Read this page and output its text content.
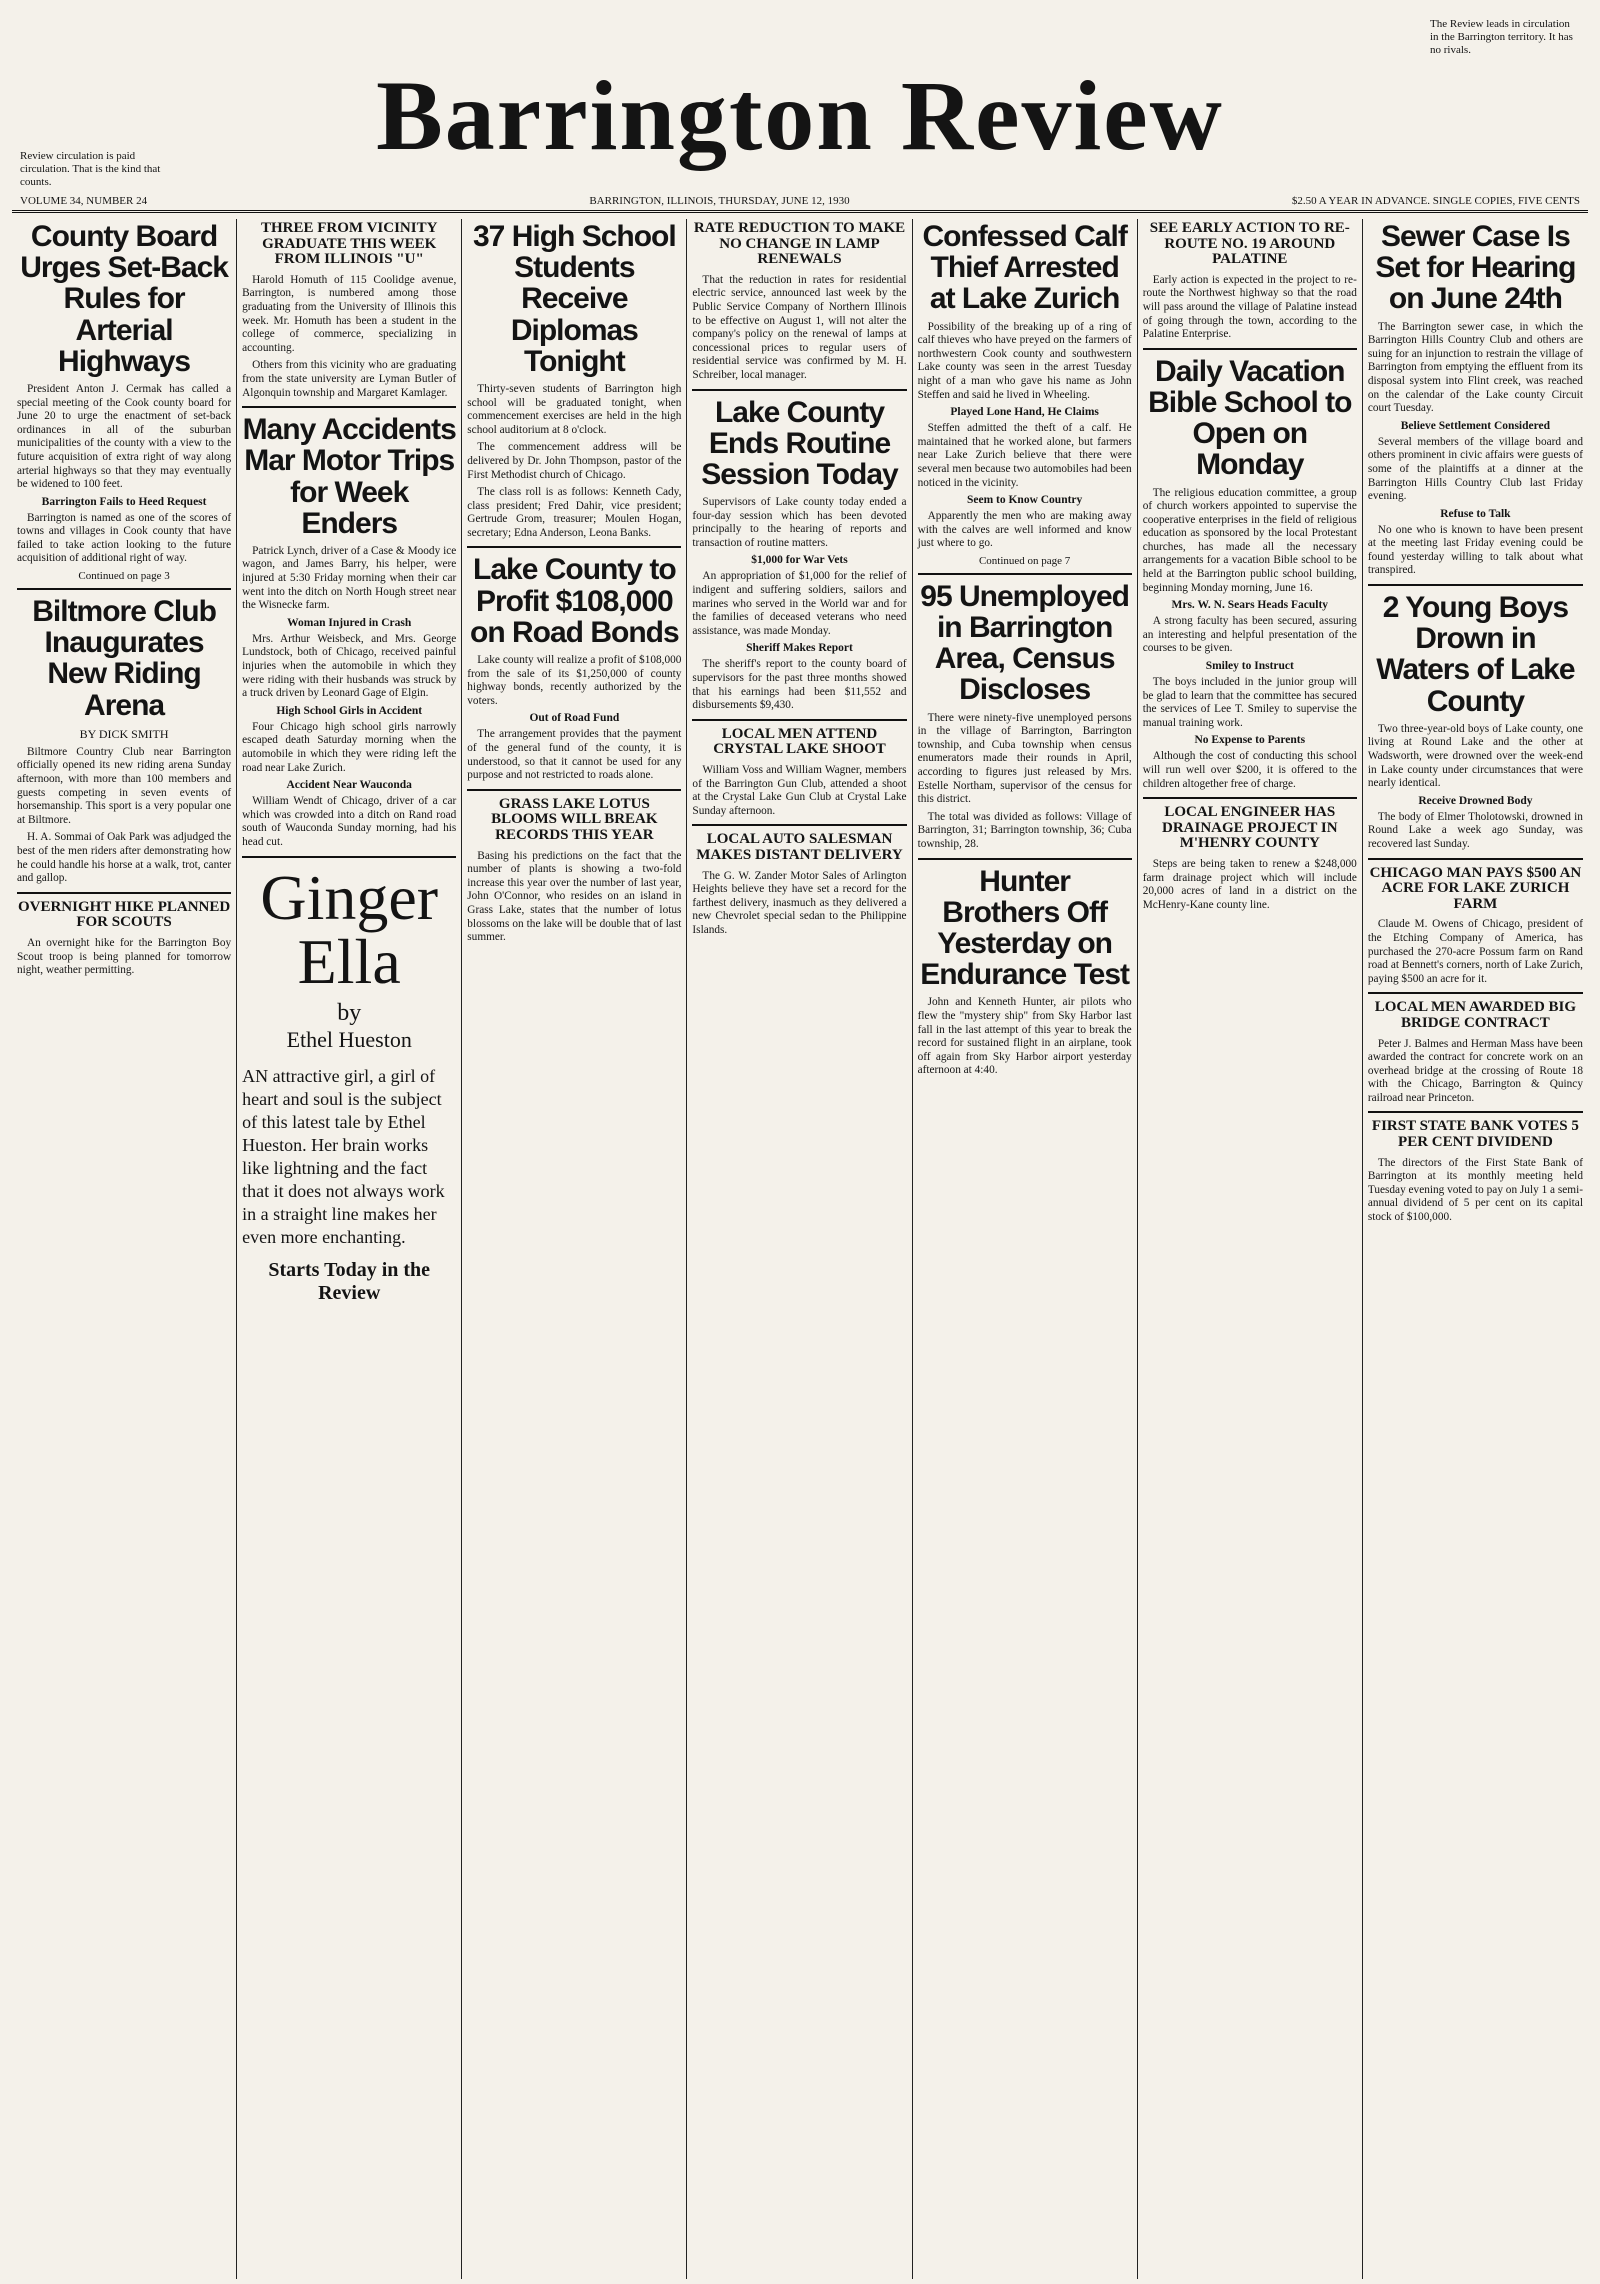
Review circulation is paid circulation. That is the kind that counts.
Barrington Review
The Review leads in circulation in the Barrington territory. It has no rivals.
VOLUME 34, NUMBER 24	BARRINGTON, ILLINOIS, THURSDAY, JUNE 12, 1930	$2.50 A YEAR IN ADVANCE. SINGLE COPIES, FIVE CENTS
County Board Urges Set-Back Rules for Arterial Highways

President Anton J. Cermak has called a special meeting of the Cook county board for June 20 to urge the enactment of set-back ordinances in all of the suburban municipalities of the county with a view to the future acquisition of extra right of way along arterial highways so that they may eventually be widened to 100 feet.

Barrington Fails to Heed Request

Barrington is named as one of the scores of towns and villages in Cook county that have failed to take action looking to the future acquisition of additional right of way.

Continued on page 3
Biltmore Club Inaugurates New Riding Arena
BY DICK SMITH

Biltmore Country Club near Barrington officially opened its new riding arena Sunday afternoon, with more than 100 members and guests competing in seven events of horsemanship. This sport is a very popular one at Biltmore.

H. A. Sommai of Oak Park was adjudged the best of the men riders after demonstrating how he could handle his horse at a walk, trot, canter and gallop.

OVERNIGHT HIKE PLANNED FOR SCOUTS

An overnight hike for the Barrington Boy Scout troop is being planned for tomorrow night, weather permitting.

THREE FROM VICINITY GRADUATE THIS WEEK FROM ILLINOIS "U"

Harold Homuth of 115 Coolidge avenue, Barrington, is numbered among those graduating from the University of Illinois this week. Mr. Homuth has been a student in the college of commerce, specializing in accounting.

Others from this vicinity who are graduating from the state university are Lyman Butler of Algonquin township and Margaret Kamlager.

Many Accidents Mar Motor Trips for Week Enders

Patrick Lynch, driver of a Case & Moody ice wagon, and James Barry, his helper, were injured at 5:30 Friday morning when their car went into the ditch on North Hough street near the Wisnecke farm.

Woman Injured in Crash

Mrs. Arthur Weisbeck, and Mrs. George Lundstock, both of Chicago, received painful injuries when the automobile in which they were riding with their husbands was struck by a truck driven by Leonard Gage of Elgin.

High School Girls in Accident

Four Chicago high school girls narrowly escaped death Saturday morning when the automobile in which they were riding left the road near Lake Zurich.

Accident Near Wauconda

William Wendt of Chicago, driver of a car which was crowded into a ditch on Rand road south of Wauconda Sunday morning, had his head cut.

Ginger Ella
by
Ethel Hueston
AN attractive girl, a girl of heart and soul is the subject of this latest tale by Ethel Hueston. Her brain works like lightning and the fact that it does not always work in a straight line makes her even more enchanting.
Starts Today in the Review
37 High School Students Receive Diplomas Tonight

Thirty-seven students of Barrington high school will be graduated tonight, when commencement exercises are held in the high school auditorium at 8 o'clock.

The commencement address will be delivered by Dr. John Thompson, pastor of the First Methodist church of Chicago.

The class roll is as follows: Kenneth Cady, class president; Fred Dahir, vice president; Gertrude Grom, treasurer; Moulen Hogan, secretary; Edna Anderson, Leona Banks.

Lake County to Profit $108,000 on Road Bonds

Lake county will realize a profit of $108,000 from the sale of its $1,250,000 of county highway bonds, recently authorized by the voters.

Out of Road Fund

The arrangement provides that the payment of the general fund of the county, it is understood, so that it cannot be used for any purpose and not restricted to roads alone.

GRASS LAKE LOTUS BLOOMS WILL BREAK RECORDS THIS YEAR

Basing his predictions on the fact that the number of plants is showing a two-fold increase this year over the number of last year, John O'Connor, who resides on an island in Grass Lake, states that the number of lotus blossoms on the lake will be double that of last summer.

RATE REDUCTION TO MAKE NO CHANGE IN LAMP RENEWALS

That the reduction in rates for residential electric service, announced last week by the Public Service Company of Northern Illinois to be effective on August 1, will not alter the company's policy on the renewal of lamps at concessional prices to regular users of residential service was confirmed by M. H. Schreiber, local manager.

Lake County Ends Routine Session Today

Supervisors of Lake county today ended a four-day session which has been devoted principally to the hearing of reports and transaction of routine matters.

$1,000 for War Vets

An appropriation of $1,000 for the relief of indigent and suffering soldiers, sailors and marines who served in the World war and for the families of deceased veterans who need assistance, was made Monday.

Sheriff Makes Report

The sheriff's report to the county board of supervisors for the past three months showed that his earnings had been $11,552 and disbursements $9,430.

LOCAL MEN ATTEND CRYSTAL LAKE SHOOT

William Voss and William Wagner, members of the Barrington Gun Club, attended a shoot at the Crystal Lake Gun Club at Crystal Lake Sunday afternoon.

LOCAL AUTO SALESMAN MAKES DISTANT DELIVERY

The G. W. Zander Motor Sales of Arlington Heights believe they have set a record for the farthest delivery, inasmuch as they delivered a new Chevrolet special sedan to the Philippine Islands.

Confessed Calf Thief Arrested at Lake Zurich

Possibility of the breaking up of a ring of calf thieves who have preyed on the farmers of northwestern Cook county and southwestern Lake county was seen in the arrest Tuesday night of a man who gave his name as John Steffen and said he lived in Wheeling.

Played Lone Hand, He Claims

Steffen admitted the theft of a calf. He maintained that he worked alone, but farmers near Lake Zurich believe that there were several men because two automobiles had been noticed in the vicinity.

Seem to Know Country

Apparently the men who are making away with the calves are well informed and know just where to go.

Continued on page 7
95 Unemployed in Barrington Area, Census Discloses

There were ninety-five unemployed persons in the village of Barrington, Barrington township, and Cuba township when census enumerators made their rounds in April, according to figures just released by Mrs. Estelle Northam, supervisor of the census for this district.

The total was divided as follows: Village of Barrington, 31; Barrington township, 36; Cuba township, 28.

Hunter Brothers Off Yesterday on Endurance Test

John and Kenneth Hunter, air pilots who flew the "mystery ship" from Sky Harbor last fall in the last attempt of this year to break the record for sustained flight in an airplane, took off again from Sky Harbor airport yesterday afternoon at 4:40.

SEE EARLY ACTION TO RE-ROUTE NO. 19 AROUND PALATINE

Early action is expected in the project to re-route the Northwest highway so that the road will pass around the village of Palatine instead of going through the town, according to the Palatine Enterprise.

Daily Vacation Bible School to Open on Monday

The religious education committee, a group of church workers appointed to supervise the cooperative enterprises in the field of religious education as sponsored by the local Protestant churches, has made all the necessary arrangements for a vacation Bible school to be held at the Barrington public school building, beginning Monday morning, June 16.

Mrs. W. N. Sears Heads Faculty

A strong faculty has been secured, assuring an interesting and helpful presentation of the courses to be given.

Smiley to Instruct

The boys included in the junior group will be glad to learn that the committee has secured the services of Lee T. Smiley to supervise the manual training work.

No Expense to Parents

Although the cost of conducting this school will run well over $200, it is offered to the children altogether free of charge.

LOCAL ENGINEER HAS DRAINAGE PROJECT IN M'HENRY COUNTY

Steps are being taken to renew a $248,000 farm drainage project which will include 20,000 acres of land in a district on the McHenry-Kane county line.

Sewer Case Is Set for Hearing on June 24th

The Barrington sewer case, in which the Barrington Hills Country Club and others are suing for an injunction to restrain the village of Barrington from emptying the effluent from its disposal system into Flint creek, was reached on the calendar of the Lake county Circuit court Tuesday.

Believe Settlement Considered

Several members of the village board and others prominent in civic affairs were guests of some of the plaintiffs at a dinner at the Barrington Hills Country Club last Friday evening.

Refuse to Talk

No one who is known to have been present at the meeting last Friday evening could be found yesterday willing to talk about what transpired.

2 Young Boys Drown in Waters of Lake County

Two three-year-old boys of Lake county, one living at Round Lake and the other at Wadsworth, were drowned over the week-end in Lake county under circumstances that were nearly identical.

Receive Drowned Body

The body of Elmer Tholotowski, drowned in Round Lake a week ago Sunday, was recovered last Sunday.

CHICAGO MAN PAYS $500 AN ACRE FOR LAKE ZURICH FARM

Claude M. Owens of Chicago, president of the Etching Company of America, has purchased the 270-acre Possum farm on Rand road at Bennett's corners, north of Lake Zurich, paying $500 an acre for it.

LOCAL MEN AWARDED BIG BRIDGE CONTRACT

Peter J. Balmes and Herman Mass have been awarded the contract for concrete work on an overhead bridge at the crossing of Route 18 with the Chicago, Barrington & Quincy railroad near Princeton.

FIRST STATE BANK VOTES 5 PER CENT DIVIDEND

The directors of the First State Bank of Barrington at its monthly meeting held Tuesday evening voted to pay on July 1 a semi-annual dividend of 5 per cent on its capital stock of $100,000.
